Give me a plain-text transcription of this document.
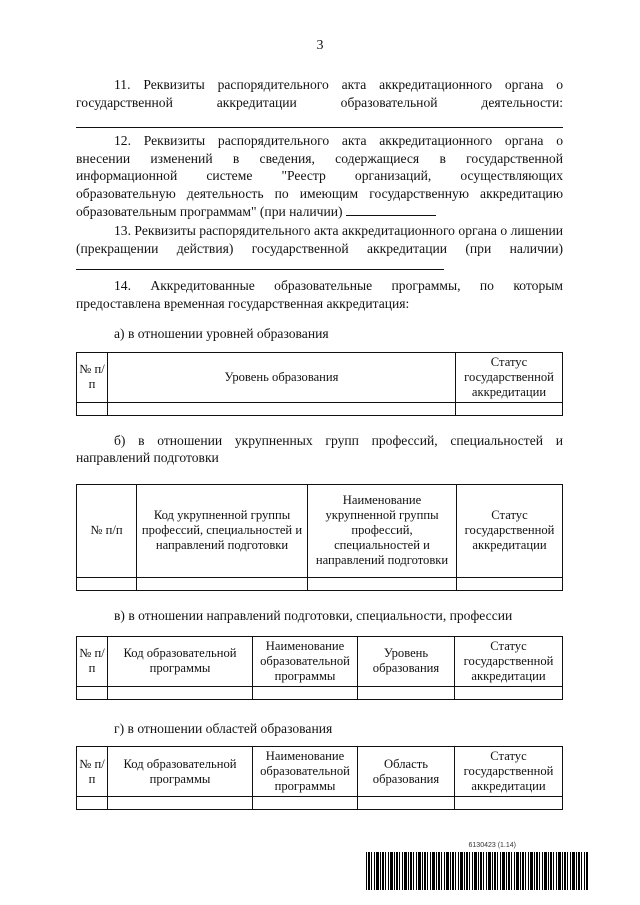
3

11. Реквизиты распорядительного акта аккредитационного органа о государственной аккредитации образовательной деятельности:

12. Реквизиты распорядительного акта аккредитационного органа о внесении изменений в сведения, содержащиеся в государственной информационной системе "Реестр организаций, осуществляющих образовательную деятельность по имеющим государственную аккредитацию образовательным программам" (при наличии)

13. Реквизиты распорядительного акта аккредитационного органа о лишении (прекращении действия) государственной аккредитации (при наличии)

14. Аккредитованные образовательные программы, по которым предоставлена временная государственная аккредитация:

а) в отношении уровней образования

№ п/п	Уровень образования	Статус государственной аккредитации

б) в отношении укрупненных групп профессий, специальностей и направлений подготовки

№ п/п	Код укрупненной группы профессий, специальностей и направлений подготовки	Наименование укрупненной группы профессий, специальностей и направлений подготовки	Статус государственной аккредитации

в) в отношении направлений подготовки, специальности, профессии

№ п/п	Код образовательной программы	Наименование образовательной программы	Уровень образования	Статус государственной аккредитации

г) в отношении областей образования

№ п/п	Код образовательной программы	Наименование образовательной программы	Область образования	Статус государственной аккредитации

6130423 (1.14)
